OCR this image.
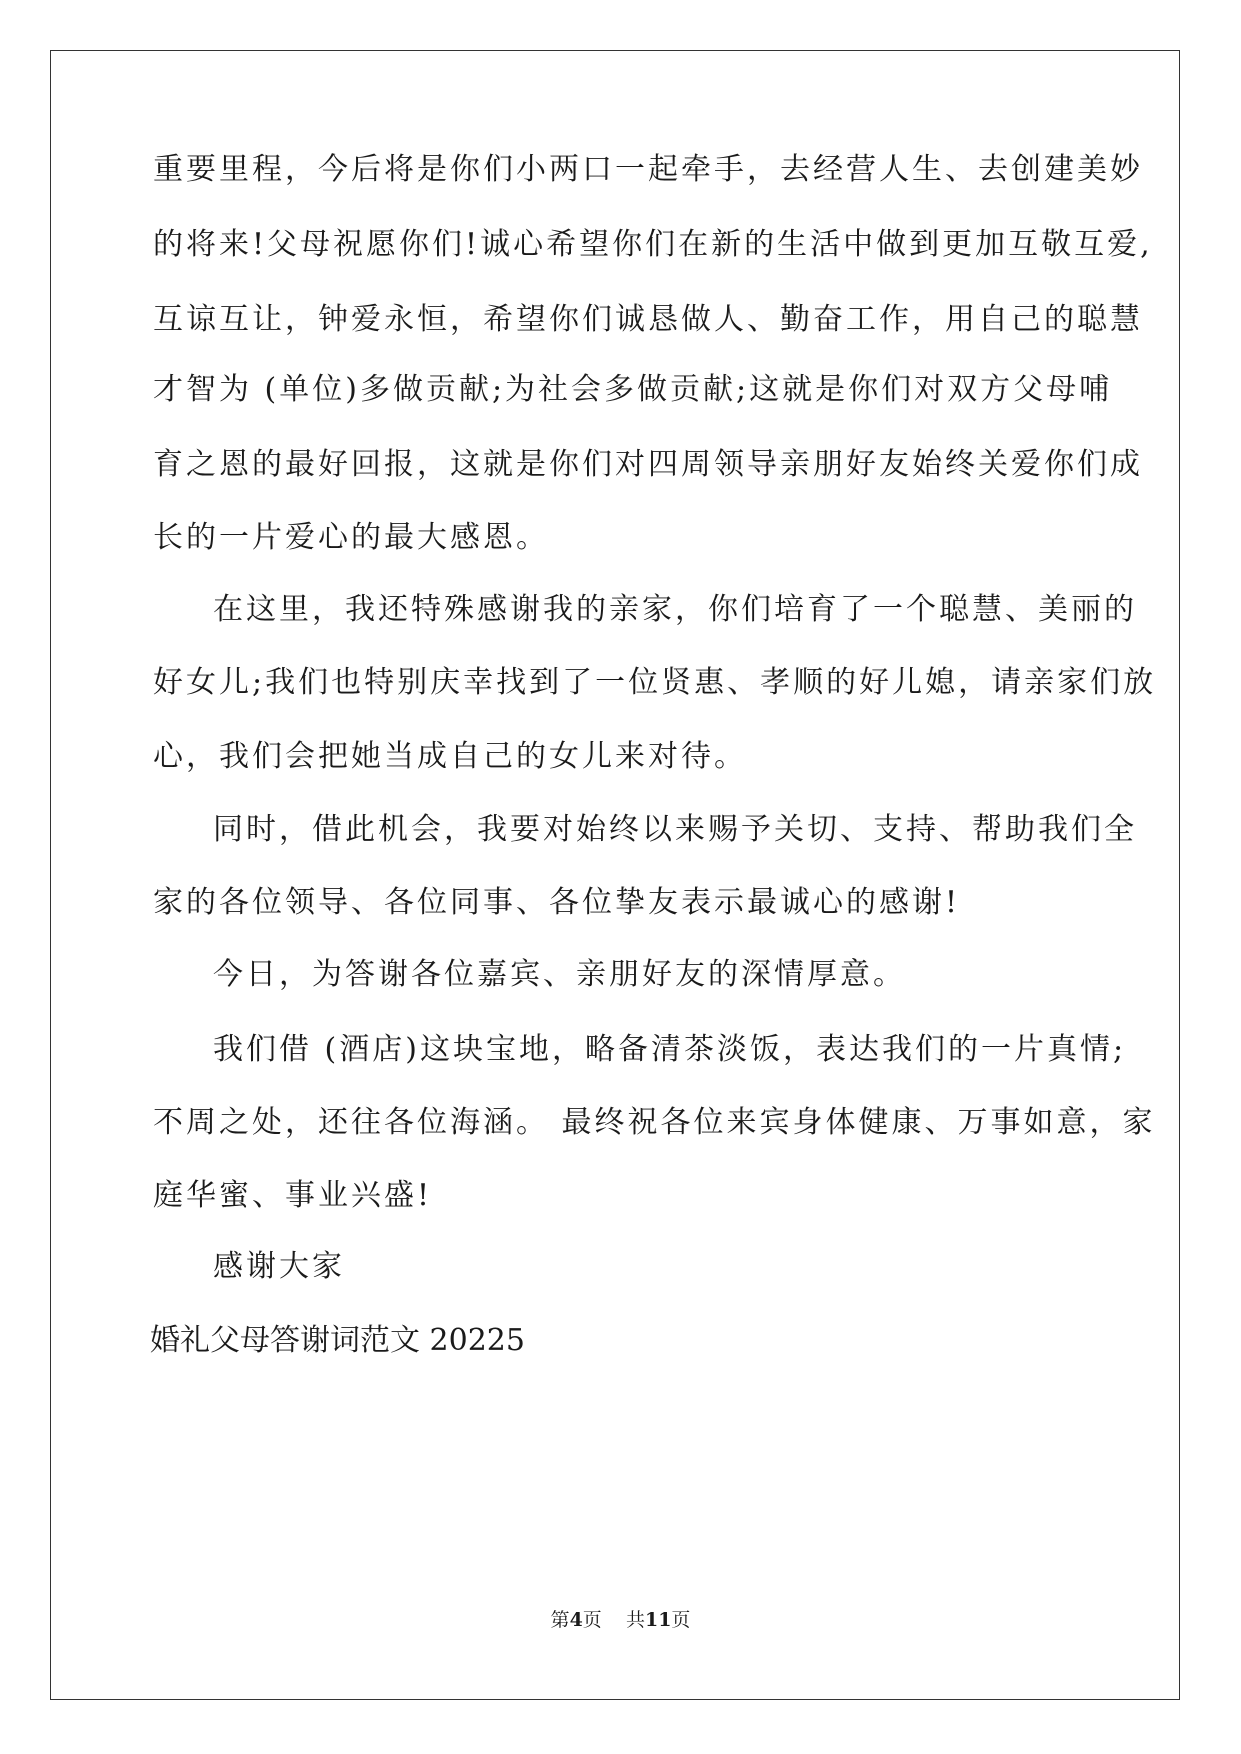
重要里程，今后将是你们小两口一起牵手，去经营人生、去创建美妙
的将来!父母祝愿你们!诚心希望你们在新的生活中做到更加互敬互爱,
互谅互让，钟爱永恒，希望你们诚恳做人、勤奋工作，用自己的聪慧
才智为 (单位)多做贡献;为社会多做贡献;这就是你们对双方父母哺
育之恩的最好回报，这就是你们对四周领导亲朋好友始终关爱你们成
长的一片爱心的最大感恩。
在这里，我还特殊感谢我的亲家，你们培育了一个聪慧、美丽的
好女儿;我们也特别庆幸找到了一位贤惠、孝顺的好儿媳，请亲家们放
心，我们会把她当成自己的女儿来对待。
同时，借此机会，我要对始终以来赐予关切、支持、帮助我们全
家的各位领导、各位同事、各位挚友表示最诚心的感谢!
今日，为答谢各位嘉宾、亲朋好友的深情厚意。
我们借 (酒店)这块宝地，略备清茶淡饭，表达我们的一片真情;
不周之处，还往各位海涵。 最终祝各位来宾身体健康、万事如意，家
庭华蜜、事业兴盛!
感谢大家
婚礼父母答谢词范文 20225
第4页    共11页
